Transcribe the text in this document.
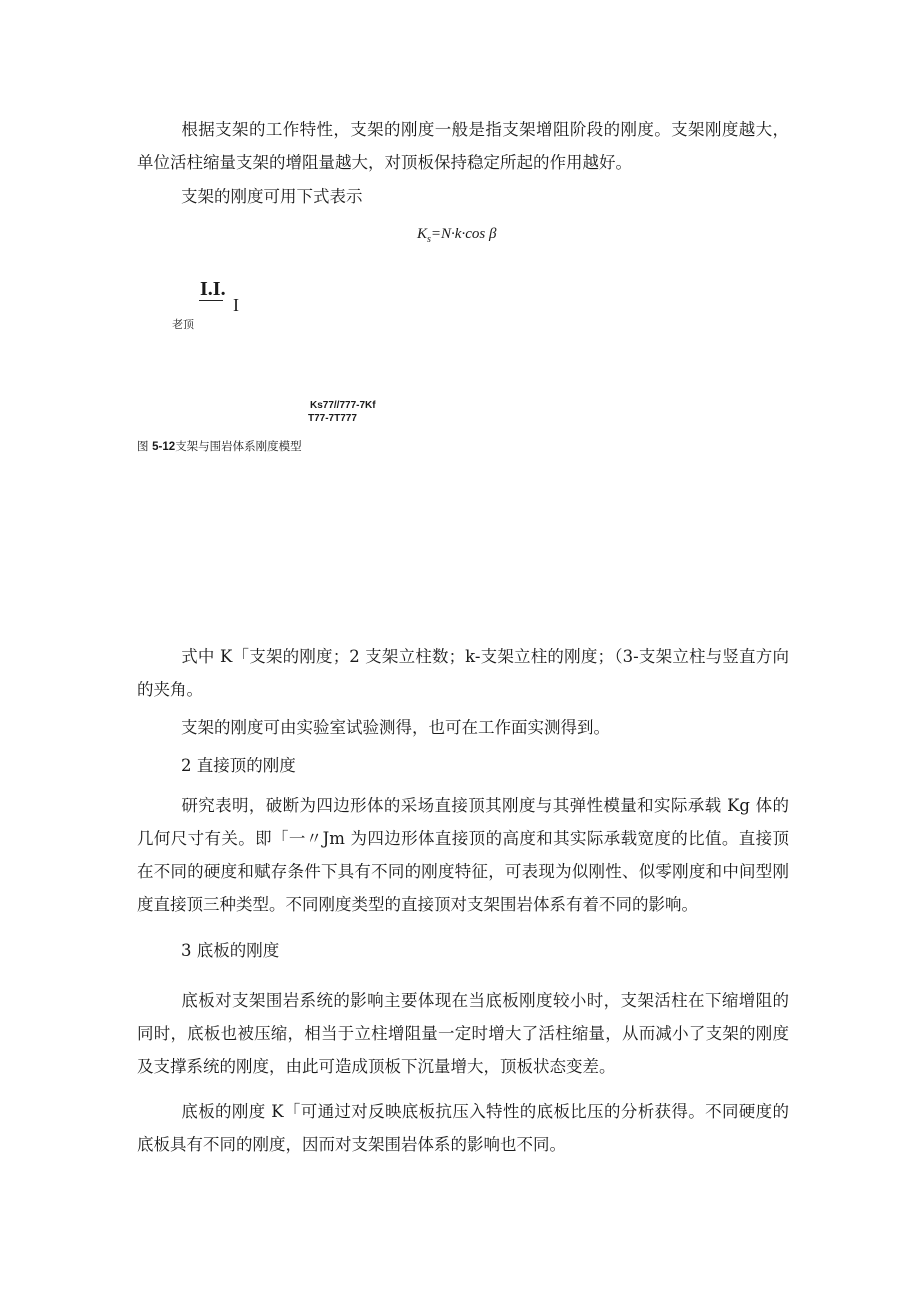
根据支架的工作特性，支架的刚度一般是指支架增阻阶段的刚度。支架刚度越大，单位活柱缩量支架的增阻量越大，对顶板保持稳定所起的作用越好。

支架的刚度可用下式表示
$K_s=N\cdot k\cdot\cos$ β
I.I.
I
老顶
Ks77//777-7Kf
T77-7T777
图 5-12支架与围岩体系刚度模型

式中 K「支架的刚度；2 支架立柱数；k-支架立柱的刚度；（3-支架立柱与竖直方向的夹角。

支架的刚度可由实验室试验测得，也可在工作面实测得到。
2 直接顶的刚度

研究表明，破断为四边形体的采场直接顶其刚度与其弹性模量和实际承载 Kg 体的几何尺寸有关。即「一〃Jm 为四边形体直接顶的高度和其实际承载宽度的比值。直接顶在不同的硬度和赋存条件下具有不同的刚度特征，可表现为似刚性、似零刚度和中间型刚度直接顶三种类型。不同刚度类型的直接顶对支架围岩体系有着不同的影响。

3 底板的刚度

底板对支架围岩系统的影响主要体现在当底板刚度较小时，支架活柱在下缩增阻的同时，底板也被压缩，相当于立柱增阻量一定时增大了活柱缩量，从而减小了支架的刚度及支撑系统的刚度，由此可造成顶板下沉量增大，顶板状态变差。

底板的刚度 K「可通过对反映底板抗压入特性的底板比压的分析获得。不同硬度的底板具有不同的刚度，因而对支架围岩体系的影响也不同。
